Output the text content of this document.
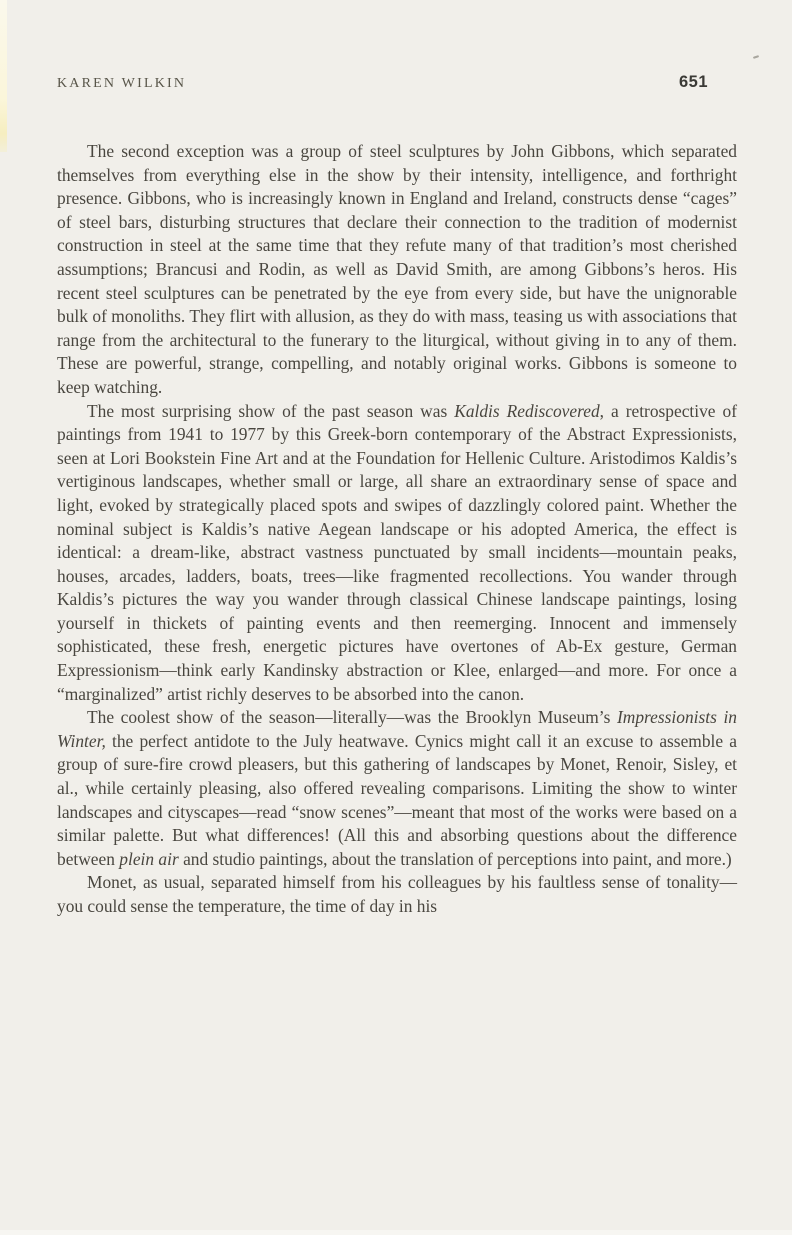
KAREN WILKIN	651

The second exception was a group of steel sculptures by John Gibbons, which separated themselves from everything else in the show by their intensity, intelligence, and forthright presence. Gibbons, who is increasingly known in England and Ireland, constructs dense “cages” of steel bars, disturbing structures that declare their connection to the tradition of modernist construction in steel at the same time that they refute many of that tradition’s most cherished assumptions; Brancusi and Rodin, as well as David Smith, are among Gibbons’s heros. His recent steel sculptures can be penetrated by the eye from every side, but have the unignorable bulk of monoliths. They flirt with allusion, as they do with mass, teasing us with associations that range from the architectural to the funerary to the liturgical, without giving in to any of them. These are powerful, strange, compelling, and notably original works. Gibbons is someone to keep watching.

The most surprising show of the past season was Kaldis Rediscovered, a retrospective of paintings from 1941 to 1977 by this Greek-born contemporary of the Abstract Expressionists, seen at Lori Bookstein Fine Art and at the Foundation for Hellenic Culture. Aristodimos Kaldis’s vertiginous landscapes, whether small or large, all share an extraordinary sense of space and light, evoked by strategically placed spots and swipes of dazzlingly colored paint. Whether the nominal subject is Kaldis’s native Aegean landscape or his adopted America, the effect is identical: a dream-like, abstract vastness punctuated by small incidents—mountain peaks, houses, arcades, ladders, boats, trees—like fragmented recollections. You wander through Kaldis’s pictures the way you wander through classical Chinese landscape paintings, losing yourself in thickets of painting events and then reemerging. Innocent and immensely sophisticated, these fresh, energetic pictures have overtones of Ab-Ex gesture, German Expressionism—think early Kandinsky abstraction or Klee, enlarged—and more. For once a “marginalized” artist richly deserves to be absorbed into the canon.

The coolest show of the season—literally—was the Brooklyn Museum’s Impressionists in Winter, the perfect antidote to the July heatwave. Cynics might call it an excuse to assemble a group of sure-fire crowd pleasers, but this gathering of landscapes by Monet, Renoir, Sisley, et al., while certainly pleasing, also offered revealing comparisons. Limiting the show to winter landscapes and cityscapes—read “snow scenes”—meant that most of the works were based on a similar palette. But what differences! (All this and absorbing questions about the difference between plein air and studio paintings, about the translation of perceptions into paint, and more.)

Monet, as usual, separated himself from his colleagues by his faultless sense of tonality—you could sense the temperature, the time of day in his
